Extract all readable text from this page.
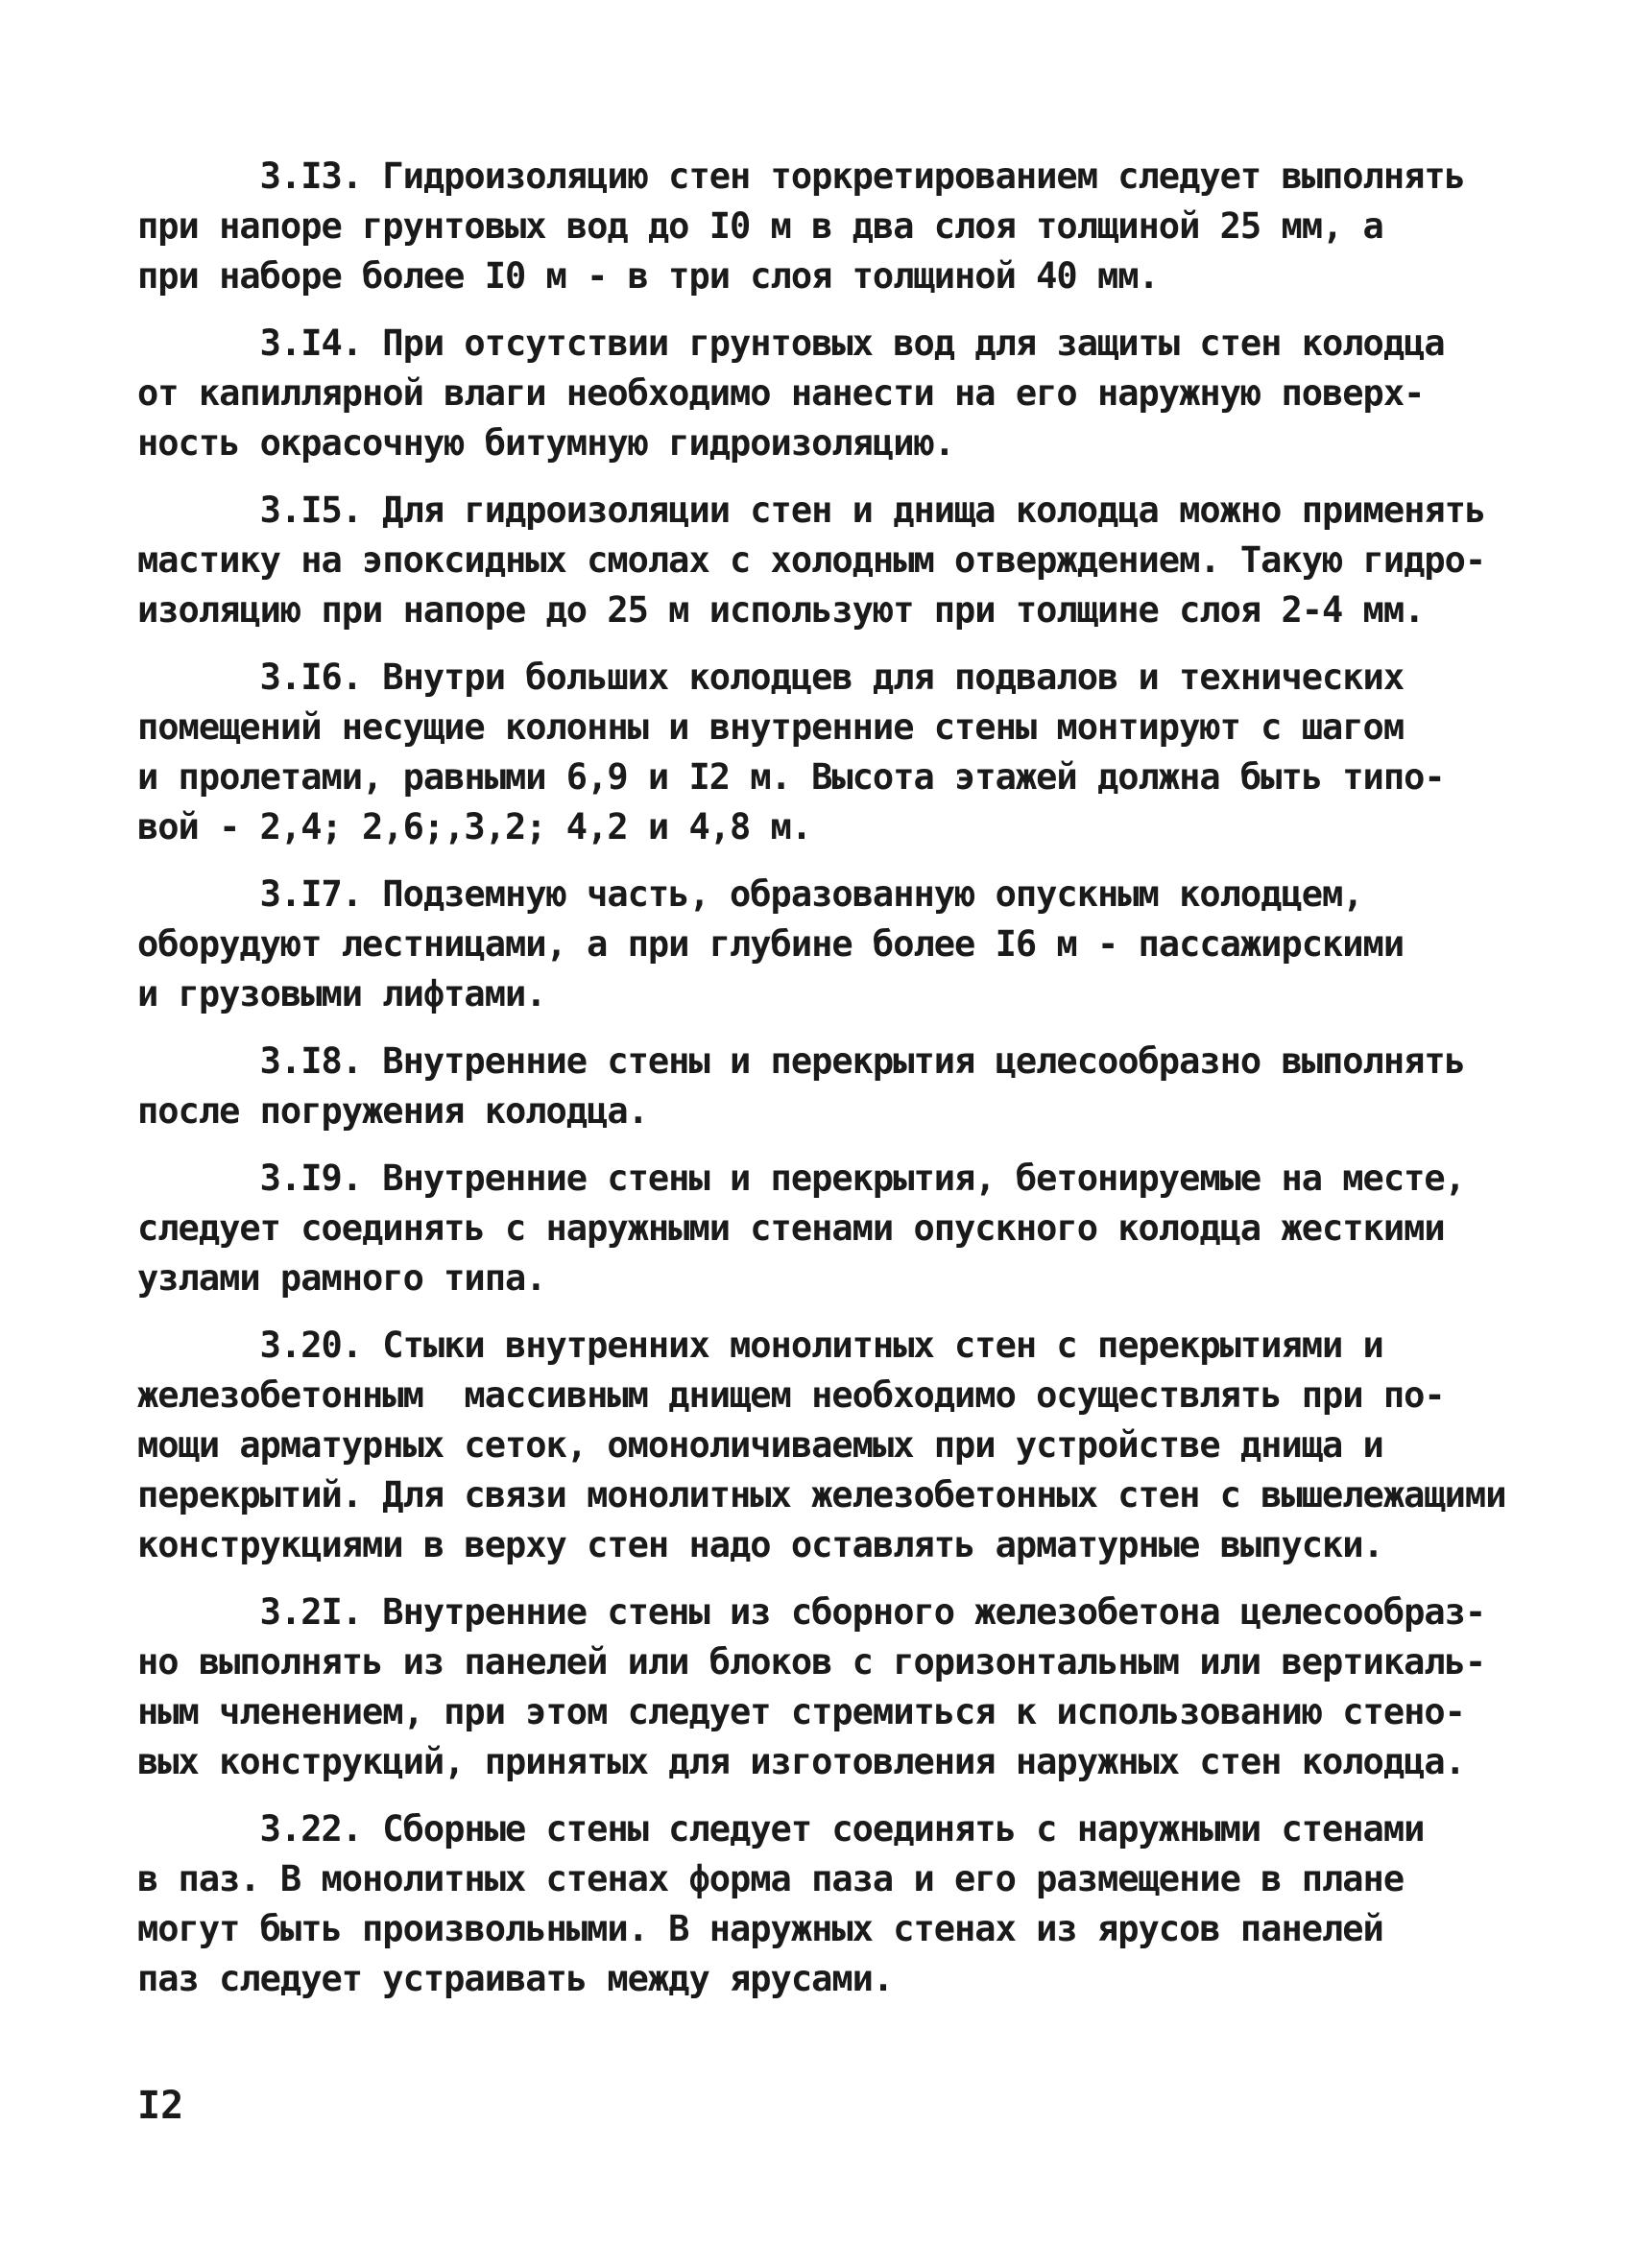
3.I3. Гидроизоляцию стен торкретированием следует выполнять
при напоре грунтовых вод до I0 м в два слоя толщиной 25 мм, а
при наборе более I0 м - в три слоя толщиной 40 мм.
3.I4. При отсутствии грунтовых вод для защиты стен колодца
от капиллярной влаги необходимо нанести на его наружную поверх-
ность окрасочную битумную гидроизоляцию.
3.I5. Для гидроизоляции стен и днища колодца можно применять
мастику на эпоксидных смолах с холодным отверждением. Такую гидро-
изоляцию при напоре до 25 м используют при толщине слоя 2-4 мм.
3.I6. Внутри больших колодцев для подвалов и технических
помещений несущие колонны и внутренние стены монтируют с шагом
и пролетами, равными 6,9 и I2 м. Высота этажей должна быть типо-
вой - 2,4; 2,6;,3,2; 4,2 и 4,8 м.
3.I7. Подземную часть, образованную опускным колодцем,
оборудуют лестницами, а при глубине более I6 м - пассажирскими
и грузовыми лифтами.
3.I8. Внутренние стены и перекрытия целесообразно выполнять
после погружения колодца.
3.I9. Внутренние стены и перекрытия, бетонируемые на месте,
следует соединять с наружными стенами опускного колодца жесткими
узлами рамного типа.
3.20. Стыки внутренних монолитных стен с перекрытиями и
железобетонным  массивным днищем необходимо осуществлять при по-
мощи арматурных сеток, омоноличиваемых при устройстве днища и
перекрытий. Для связи монолитных железобетонных стен с вышележащими
конструкциями в верху стен надо оставлять арматурные выпуски.
3.2I. Внутренние стены из сборного железобетона целесообраз-
но выполнять из панелей или блоков с горизонтальным или вертикаль-
ным членением, при этом следует стремиться к использованию стено-
вых конструкций, принятых для изготовления наружных стен колодца.
3.22. Сборные стены следует соединять с наружными стенами
в паз. В монолитных стенах форма паза и его размещение в плане
могут быть произвольными. В наружных стенах из ярусов панелей
паз следует устраивать между ярусами.
I2
